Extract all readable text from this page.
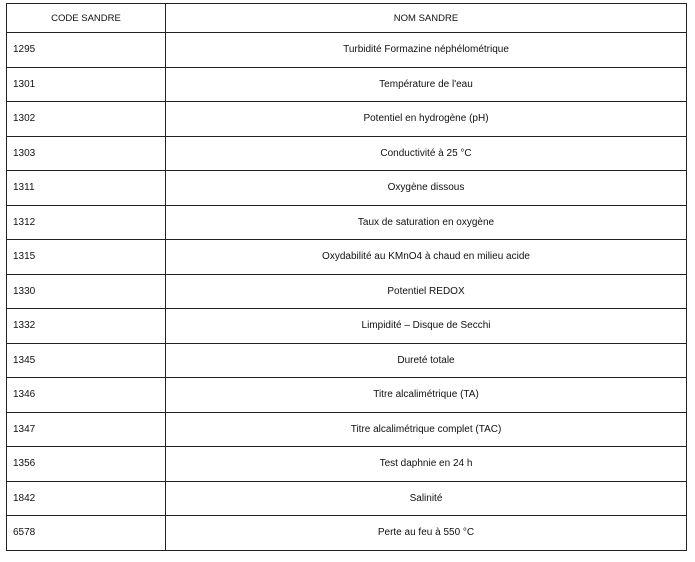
CODE SANDRE	NOM SANDRE
1295	Turbidité Formazine néphélométrique
1301	Température de l'eau
1302	Potentiel en hydrogène (pH)
1303	Conductivité à 25 °C
1311	Oxygène dissous
1312	Taux de saturation en oxygène
1315	Oxydabilité au KMnO4 à chaud en milieu acide
1330	Potentiel REDOX
1332	Limpidité – Disque de Secchi
1345	Dureté totale
1346	Titre alcalimétrique (TA)
1347	Titre alcalimétrique complet (TAC)
1356	Test daphnie en 24 h
1842	Salinité
6578	Perte au feu à 550 °C
